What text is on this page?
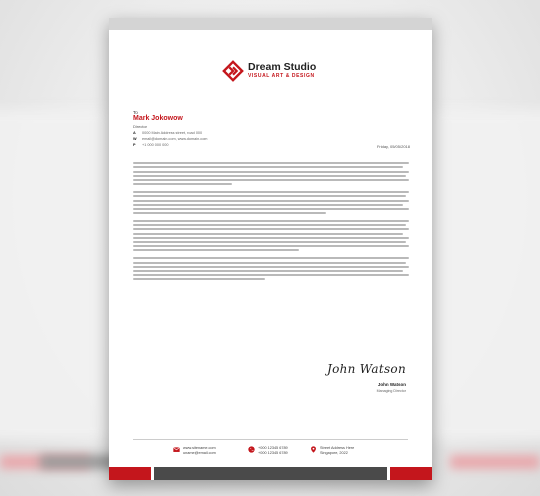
Dream Studio
VISUAL ART & DESIGN
To
Mark Jokowow
Director
A	0000 Main Address street, road 000
W	email@domain.com, www.domain.com
P	+1 000 000 000	Friday, 05/05/2018
John Watson
John Watson
Managing Director
www.sitename.com
uname@email.com
+000 12345 6789
+000 12345 6789
Street Address Here
Singapore, 2022
